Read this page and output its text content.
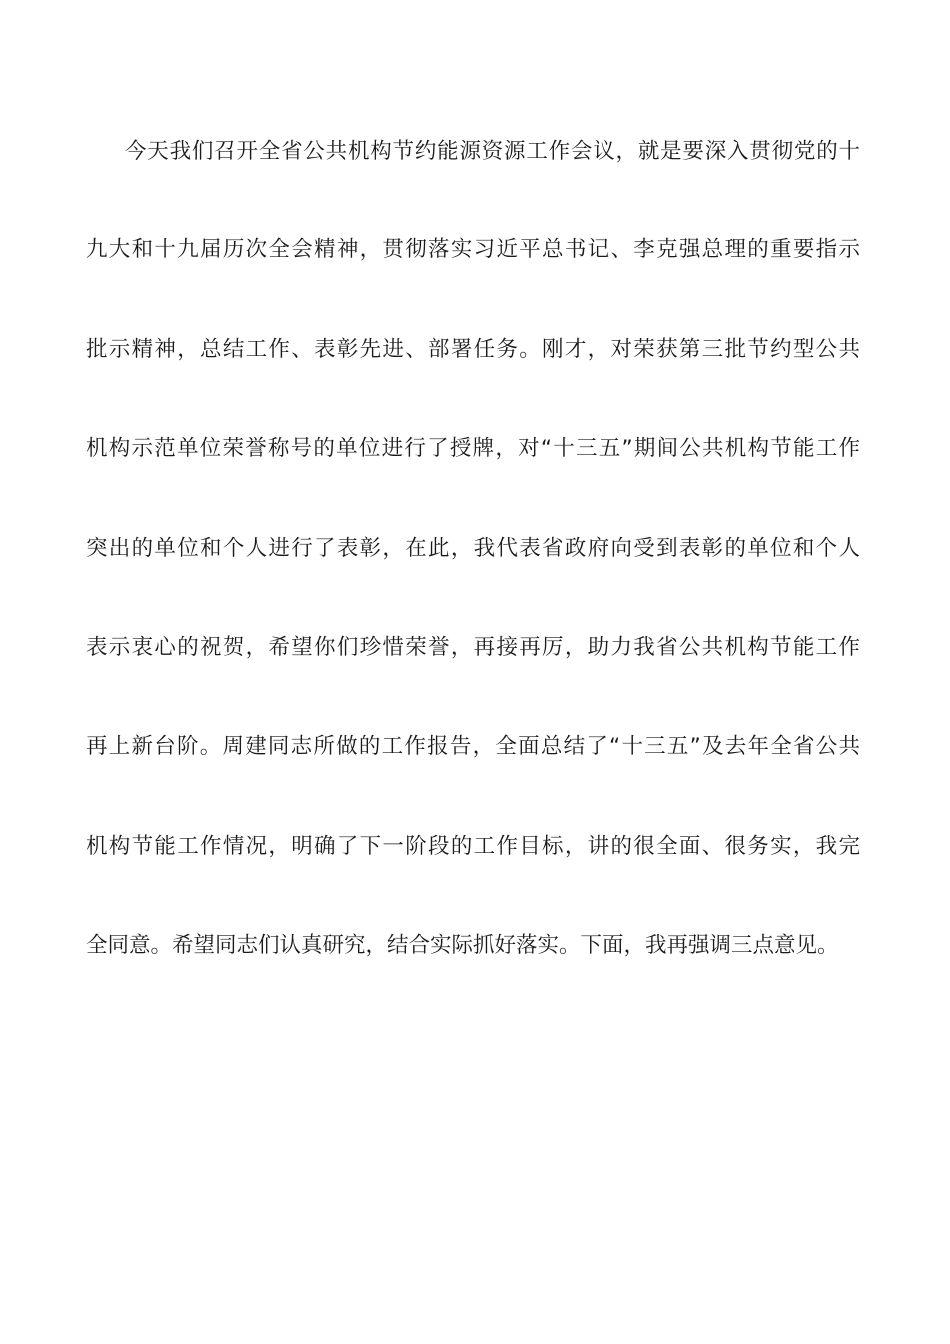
今天我们召开全省公共机构节约能源资源工作会议，就是要深入贯彻党的十
九大和十九届历次全会精神，贯彻落实习近平总书记、李克强总理的重要指示
批示精神，总结工作、表彰先进、部署任务。刚才，对荣获第三批节约型公共
机构示范单位荣誉称号的单位进行了授牌，对“十三五”期间公共机构节能工作
突出的单位和个人进行了表彰，在此，我代表省政府向受到表彰的单位和个人
表示衷心的祝贺，希望你们珍惜荣誉，再接再厉，助力我省公共机构节能工作
再上新台阶。周建同志所做的工作报告，全面总结了“十三五”及去年全省公共
机构节能工作情况，明确了下一阶段的工作目标，讲的很全面、很务实，我完
全同意。希望同志们认真研究，结合实际抓好落实。下面，我再强调三点意见。
